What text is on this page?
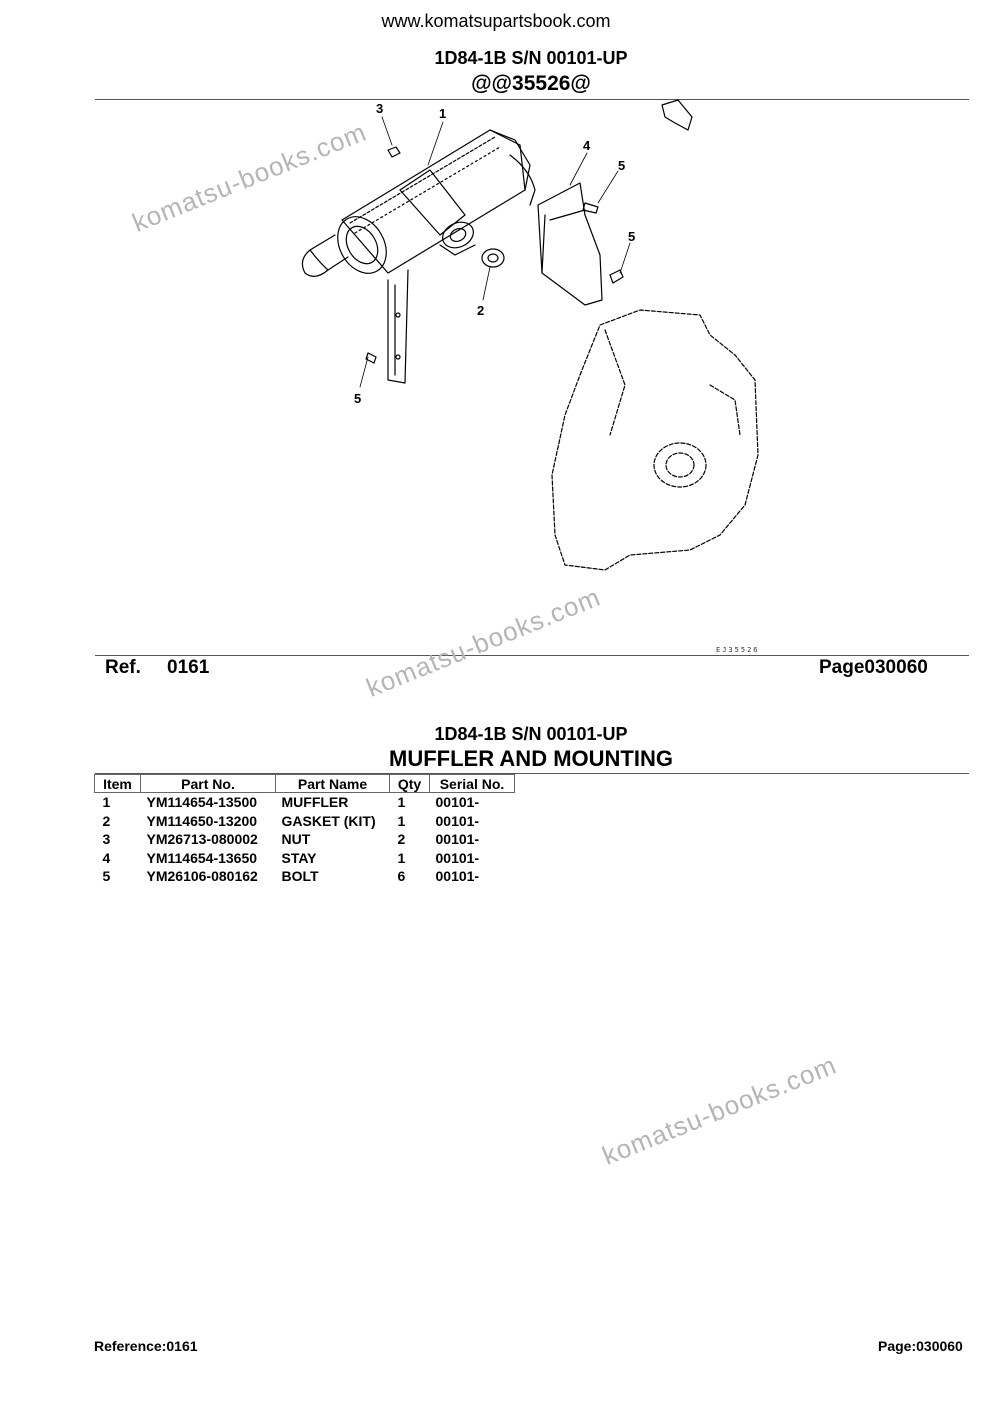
www.komatsupartsbook.com
1D84-1B S/N 00101-UP
@@35526@
3	1
4
5
5
2
5
EJ35526
Ref. 0161	Page030060
1D84-1B S/N 00101-UP
MUFFLER AND MOUNTING
Item	Part No.	Part Name	Qty	Serial No.
1	YM114654-13500	MUFFLER	1	00101-
2	YM114650-13200	GASKET (KIT)	1	00101-
3	YM26713-080002	NUT	2	00101-
4	YM114654-13650	STAY	1	00101-
5	YM26106-080162	BOLT	6	00101-
komatsu-books.com
komatsu-books.com
komatsu-books.com
Reference:0161	Page:030060
